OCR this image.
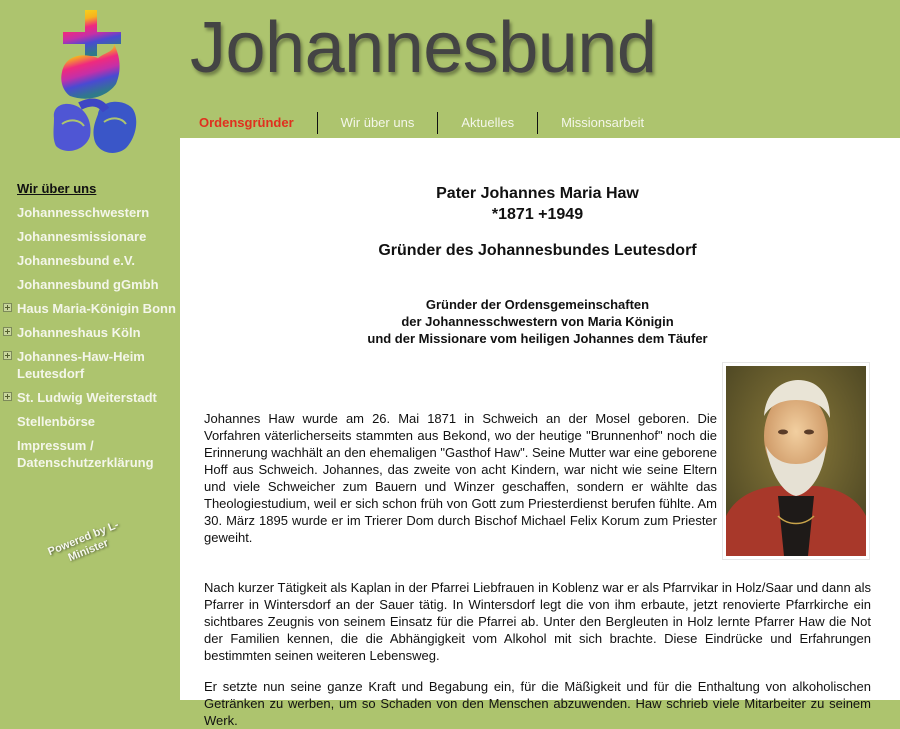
Johannesbund
Ordensgründer	Wir über uns	Aktuelles	Missionsarbeit
Wir über uns
Johannesschwestern
Johannesmissionare
Johannesbund e.V.
Johannesbund gGmbh
Haus Maria-Königin Bonn
Johanneshaus Köln
Johannes-Haw-Heim Leutesdorf
St. Ludwig Weiterstadt
Stellenbörse
Impressum / Datenschutzerklärung
Powered by L-Minister
Pater Johannes Maria Haw
*1871 +1949
Gründer des Johannesbundes Leutesdorf
Gründer der Ordensgemeinschaften
der Johannesschwestern von Maria Königin
und der Missionare vom heiligen Johannes dem Täufer
Johannes Haw wurde am 26. Mai 1871 in Schweich an der Mosel geboren. Die Vorfahren väterlicherseits stammten aus Bekond, wo der heutige "Brunnenhof" noch die Erinnerung wachhält an den ehemaligen "Gasthof Haw". Seine Mutter war eine geborene Hoff aus Schweich. Johannes, das zweite von acht Kindern, war nicht wie seine Eltern und viele Schweicher zum Bauern und Winzer geschaffen, sondern er wählte das Theologiestudium, weil er sich schon früh von Gott zum Priesterdienst berufen fühlte. Am 30. März 1895 wurde er im Trierer Dom durch Bischof Michael Felix Korum zum Priester geweiht.
Nach kurzer Tätigkeit als Kaplan in der Pfarrei Liebfrauen in Koblenz war er als Pfarrvikar in Holz/Saar und dann als Pfarrer in Wintersdorf an der Sauer tätig. In Wintersdorf legt die von ihm erbaute, jetzt renovierte Pfarrkirche ein sichtbares Zeugnis von seinem Einsatz für die Pfarrei ab. Unter den Bergleuten in Holz lernte Pfarrer Haw die Not der Familien kennen, die die Abhängigkeit vom Alkohol mit sich brachte. Diese Eindrücke und Erfahrungen bestimmten seinen weiteren Lebensweg.
Er setzte nun seine ganze Kraft und Begabung ein, für die Mäßigkeit und für die Enthaltung von alkoholischen Getränken zu werben, um so Schaden von den Menschen abzuwenden. Haw schrieb viele Mitarbeiter zu seinem Werk.
